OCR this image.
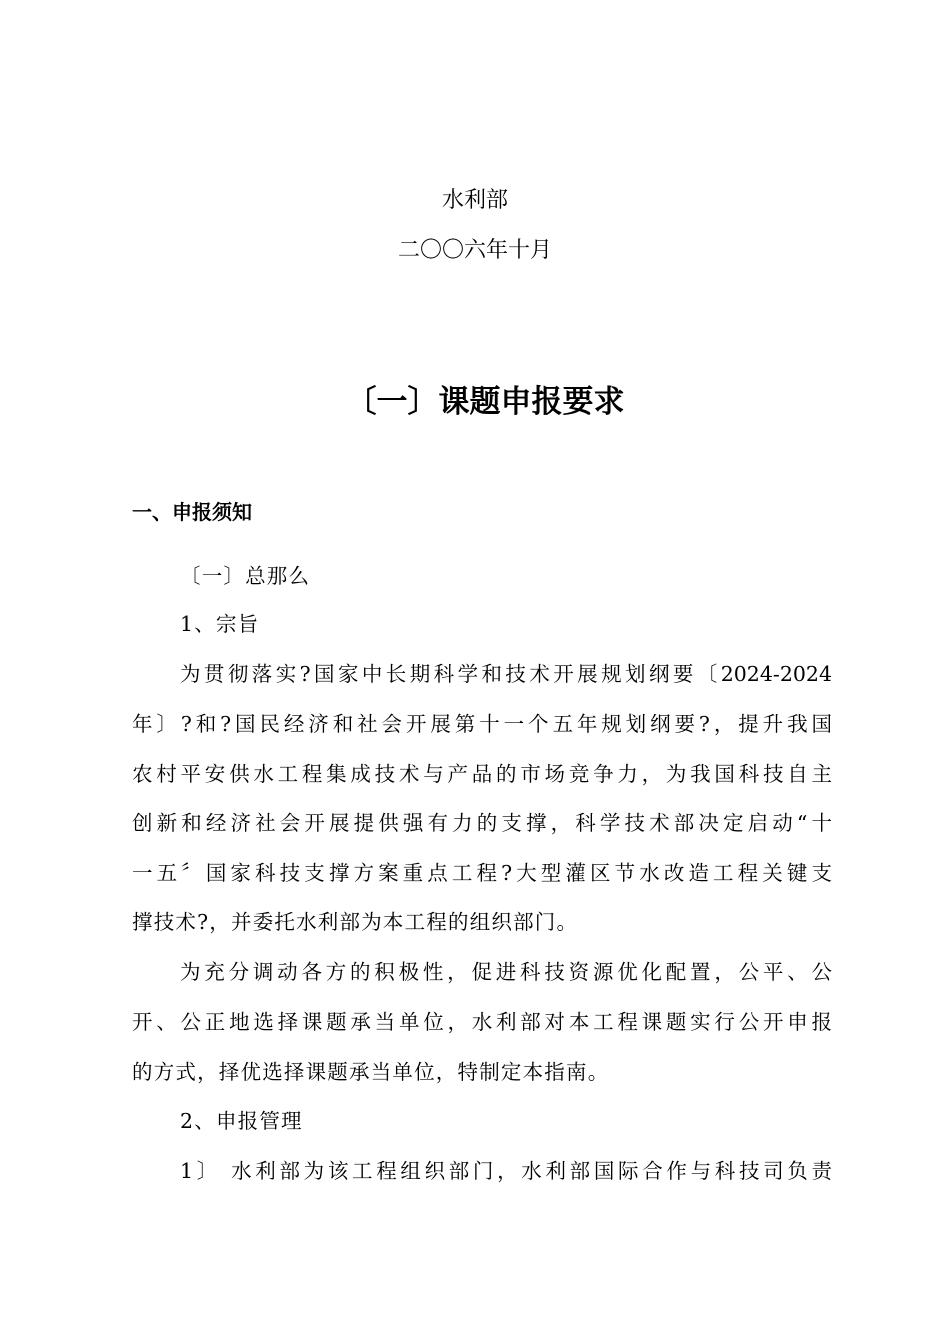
水利部
二〇〇六年十月
〔一〕课题申报要求
一、申报须知
〔一〕总那么
1、宗旨
为贯彻落实?国家中长期科学和技术开展规划纲要〔2024-2024
年〕?和?国民经济和社会开展第十一个五年规划纲要?，提升我国
农村平安供水工程集成技术与产品的市场竞争力，为我国科技自主
创新和经济社会开展提供强有力的支撑，科学技术部决定启动“十
一五〞国家科技支撑方案重点工程?大型灌区节水改造工程关键支
撑技术?，并委托水利部为本工程的组织部门。
为充分调动各方的积极性，促进科技资源优化配置，公平、公
开、公正地选择课题承当单位，水利部对本工程课题实行公开申报
的方式，择优选择课题承当单位，特制定本指南。
2、申报管理
1〕 水利部为该工程组织部门，水利部国际合作与科技司负责
